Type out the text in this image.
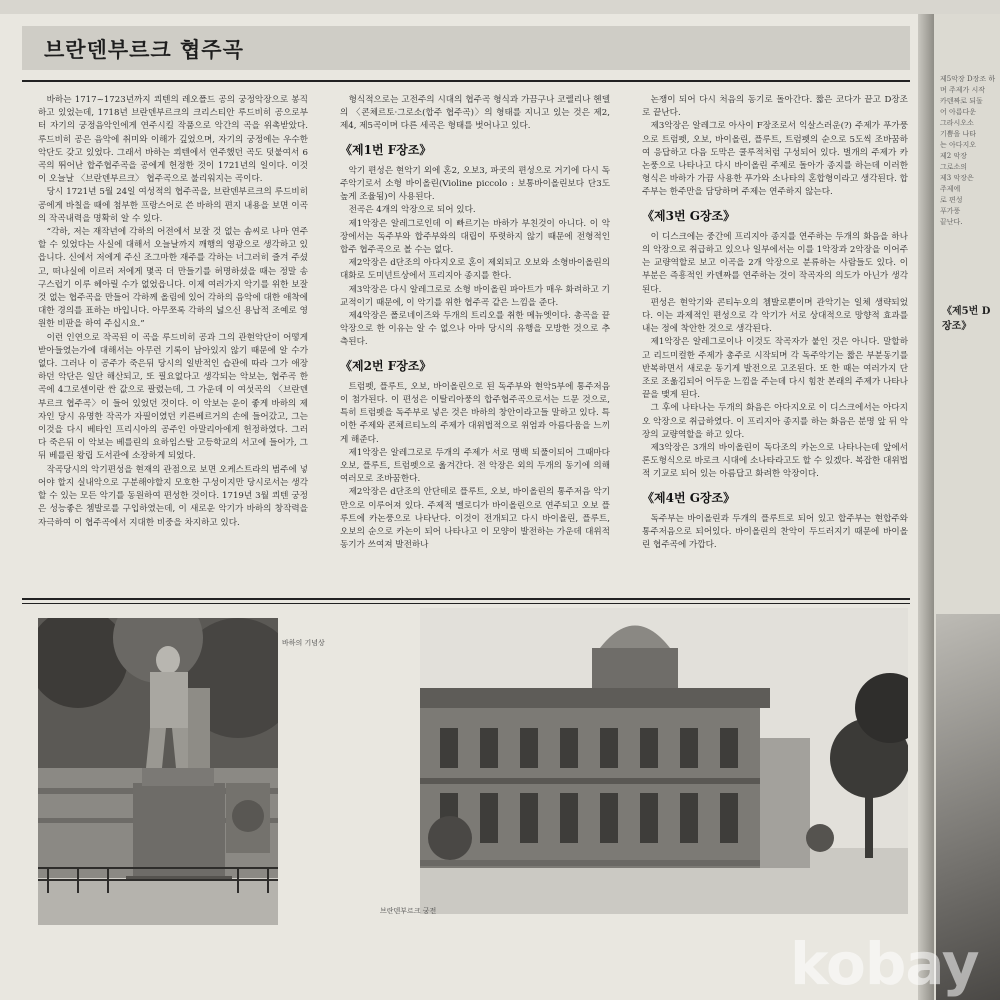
제5악장 D장조 하
며 주제가 시작
카덴짜로 되돌
어 아름다운
그라시오소
기쁨을 나타
는 아다지오
제2 악장
그로소의
제3 악장은
주제에
로 편성
푸가풍
끝난다.
《제5번 D장조》
브란덴부르크 협주곡

바하는 1717~1723년까지 쾨텐의 레오폴드 공의 궁정악장으로 봉직하고 있었는데, 1718년 브란덴부르크의 크리스티안 루드비히 공으로부터 자기의 궁정음악인에게 연주시킬 작품으로 악간의 곡을 위촉받았다. 루드비히 공은 음악에 취미와 이해가 깊었으며, 자기의 궁정에는 우수한 악단도 갖고 있었다. 그래서 바하는 쾨텐에서 연주했던 곡도 덧붙여서 6곡의 뛰어난 합주협주곡을 공에게 헌정한 것이 1721년의 일이다. 이것이 오늘날 〈브란덴부르크〉 협주곡으로 불리워지는 곡이다.

당시 1721년 5월 24일 여성적의 협주곡을, 브란덴부르크의 루드비히 공에게 바칠을 때에 첨부한 프랑스어로 쓴 바하의 편지 내용을 보면 이곡의 작곡내력을 명확히 알 수 있다.

“각하, 저는 재작년에 각하의 어전에서 보잘 것 없는 솜씨로 나마 연주할 수 있었다는 사실에 대해서 오늘날까지 깨행의 영광으로 생각하고 있읍니다. 신에서 저에게 주신 조그마한 재주를 각하는 너그러히 즐겨 주셨고, 떠나실에 이르러 저에게 몇곡 더 만들기를 허명하셨을 때는 정말 송구스럽기 이루 헤아릴 수가 없었읍니다. 이제 여러가지 악기를 위한 보잘 것 없는 협주곡을 만들어 각하께 올림에 있어 각하의 음악에 대한 애착에 대한 경의를 표하는 바입니다. 아무쪼록 각하의 넓으신 용납적 조예로 영원한 비판을 하여 주십시요.”

이런 인연으로 작곡된 이 곡을 루드비히 공과 그의 관현악단이 어떻게 받아들였는가에 대해서는 아무런 기록이 남아있지 않기 때문에 알 수가 없다. 그러나 이 공주가 죽은뒤 당시의 일반적인 습관에 따라 그가 애장하던 악단은 일단 해산되고, 또 필요없다고 생각되는 악보는, 협주곡 한 곡에 4그로센이란 싼 값으로 팔렸는데, 그 가운데 이 여섯곡의 〈브란덴부르크 협주곡〉이 들어 있었던 것이다. 이 악보는 운이 좋게 바하의 제자인 당시 유명한 작곡가 자필이였던 키른베르거의 손에 들어갔고, 그는 이것을 다시 베타인 프리시아의 공주인 아말리아에게 헌정하였다. 그러다 죽은뒤 이 악보는 베를린의 요하임스탈 고등학교의 서고에 들어가, 그뒤 베를린 왕립 도서관에 소장하게 되었다.

작곡당시의 악기편성을 현재의 관점으로 보면 오케스트라의 범주에 넣어야 할지 실내악으로 구분해야할지 모호한 구성이지만 당시로서는 생각할 수 있는 모든 악기를 동원하여 편성한 것이다. 1719년 3월 쾨텐 궁정은 성능좋은 쳄발로를 구입하였는데, 이 새로운 악기가 바하의 창작력을 자극하여 이 협주곡에서 지대한 비중을 차지하고 있다.

형식적으로는 고전주의 시대의 협주곡 형식과 가끔구나 코렐리나 헨델의 〈콘체르토·그로소(합주 협주곡)〉의 형태를 지니고 있는 것은 제2, 제4, 제5곡이며 다른 세곡은 형태를 벗어나고 있다.

《제1번 F장조》

악기 편성은 현악기 외에 혼2, 오보3, 파곳의 편성으로 거기에 다시 독주악기로서 소형 바이올린(Violine piccolo : 보통바이올린보다 단3도 높게 조율됨)이 사용된다.

전곡은 4개의 악장으로 되어 있다.

제1악장은 알레그로인데 이 빠르기는 바하가 부친것이 아니다. 이 악장에서는 독주부와 합주부와의 대립이 뚜렷하지 않기 때문에 전형적인 합주 협주곡으로 볼 수는 없다.

제2악장은 d단조의 아다지오로 혼이 제외되고 오보와 소형바이올린의 대화로 도미넌트상에서 프리지아 종지를 한다.

제3악장은 다시 알레그로로 소형 바이올린 파아트가 매우 화려하고 기교적이기 때문에, 이 악기를 위한 협주곡 같은 느낌을 준다.

제4악장은 폴로네이즈와 두개의 트리오를 취한 메뉴엣이다. 총곡을 끝악장으로 한 이유는 알 수 없으나 아마 당시의 유행을 모방한 것으로 추측된다.

《제2번 F장조》

트럼펫, 플루트, 오보, 바이올린으로 된 독주부와 현악5부에 통주저음이 첨가된다. 이 편성은 이탈리아풍의 합주협주곡으로서는 드문 것으로, 특히 트럼펫을 독주부로 넣은 것은 바하의 창안이라고들 말하고 있다. 특이한 주제와 콘체르티노의 주제가 대위법적으로 위엄과 아름다움을 느끼게 해준다.

제1악장은 알레그로로 두개의 주제가 서로 명백 되풀이되어 그때마다 오보, 플루트, 트럼펫으로 옮겨간다. 전 악장은 외의 두개의 동기에 의해 여러모로 조바꿈한다.

제2악장은 d단조의 안단테로 플루트, 오보, 바이올린의 통주저음 악기만으로 이루어져 있다. 주제적 멜로디가 바이올린으로 연주되고 오보 플루트에 카논풍으로 나타난다. 이것이 전개되고 다시 바이올린, 플루트, 오보의 순으로 카논이 되어 나타나고 이 모양이 발전하는 가운데 대위적 동기가 쓰여져 발전하나

논쟁이 되어 다시 처음의 동기로 돌아간다. 짧은 코다가 끝고 D장조로 끝난다.

제3악장은 알레그로 아사이 F장조로서 익살스러운(?) 주제가 푸가풍으로 트럼펫, 오보, 바이올린, 플루트, 트럼펫의 순으로 5도씩 조바꿈하여 응답하고 다음 도막은 쿨루적처럼 구성되어 있다. 벌개의 주제가 카논풍으로 나타나고 다시 바이올린 주제로 돌아가 종지를 하는데 이러한 형식은 바하가 가끔 사용한 푸가와 소나타의 혼합형이라고 생각된다. 합주부는 한주만을 담당하며 주제는 연주하지 않는다.

《제3번 G장조》

이 디스크에는 중간에 프리지아 종지를 연주하는 두개의 화음을 하나의 악장으로 취급하고 있으나 일부에서는 이를 1악장과 2악장을 이어주는 교량역할로 보고 이곡을 2개 악장으로 분류하는 사람들도 있다. 이 부분은 즉흥적인 카덴짜를 연주하는 것이 작곡자의 의도가 아닌가 생각된다.

편성은 현악기와 콘티누오의 쳄발로뿐이며 관악기는 일체 생략되었다. 이는 과제적인 편성으로 각 악기가 서로 상대적으로 망향적 효과를 내는 정에 착안한 것으로 생각된다.

제1악장은 알레그로이나 이것도 작곡자가 붙인 것은 아니다. 말할하고 리드미컬한 주제가 총주로 시작되며 각 독주악기는 짧은 부분동기를 반복하면서 새로운 동기게 발전으로 고조된다. 또 한 때는 여러가지 단조로 조옮김되어 어두운 느낌을 주는데 다시 힘찬 본래의 주제가 나타나 끝을 맺게 된다.

그 후에 나타나는 두개의 화음은 아다지오로 이 디스크에서는 아다지오 악장으로 취급하였다. 이 프리지아 종지를 하는 화음은 분명 앞 뒤 악장의 교량역할을 하고 있다.

제3악장은 3개의 바이올린이 독다조의 카논으로 나타나는데 앞에서 론도형식으로 바로크 시대에 소나타라고도 할 수 있겠다. 복잡한 대위법적 기교로 되어 있는 아름답고 화려한 악장이다.

《제4번 G장조》

독주부는 바이올린과 두개의 플루트로 되어 있고 합주부는 현합주와 통주저음으로 되어있다. 바이올린의 찬악이 두드러지기 때문에 바이올린 협주곡에 가깝다.

바하의 기념상
브란덴부르크 궁전
kobay
